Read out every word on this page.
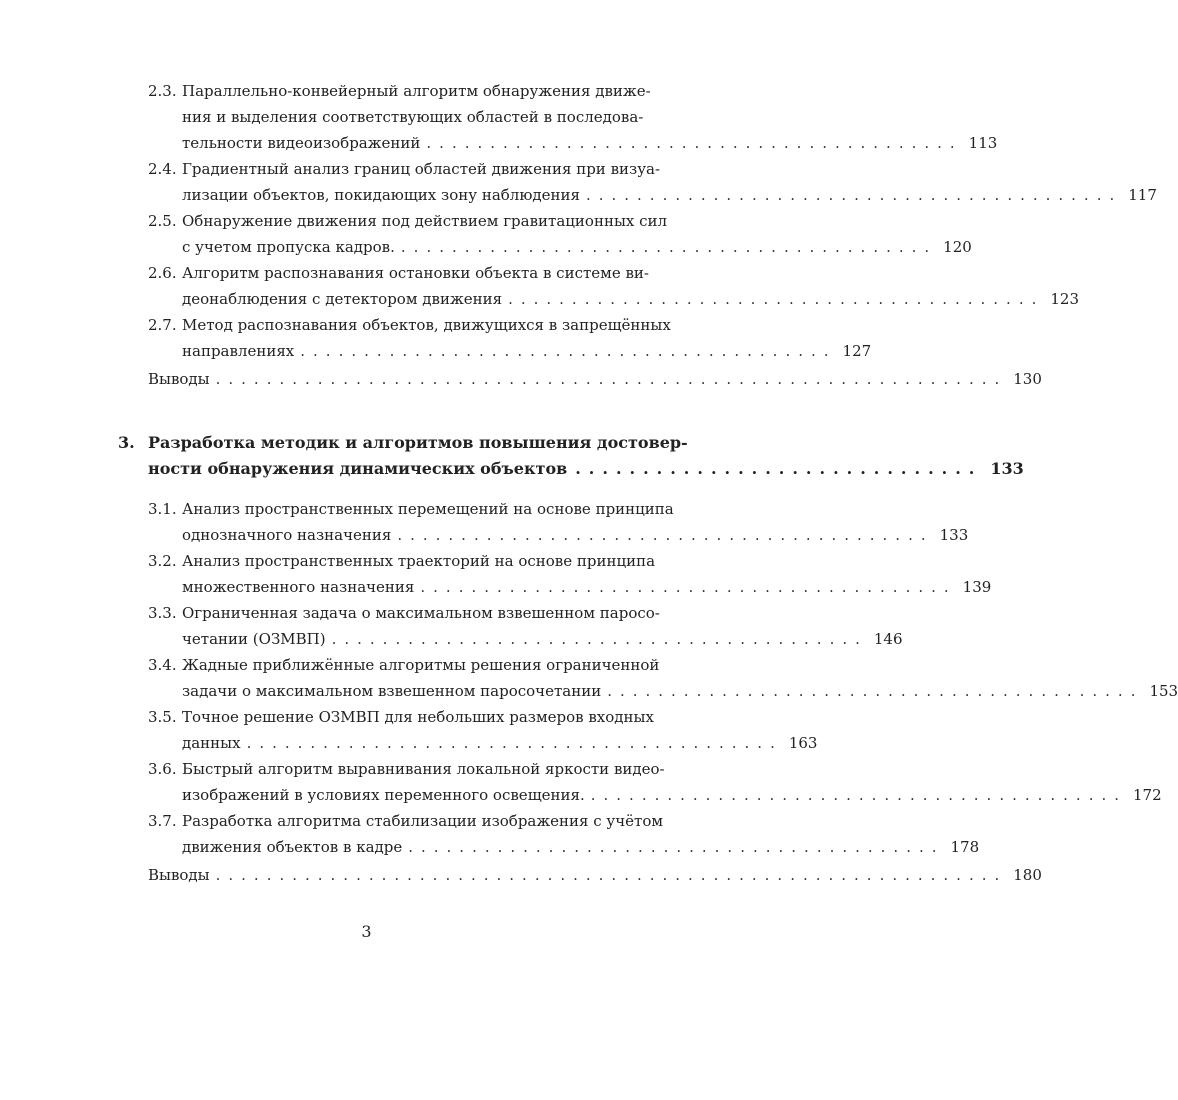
2.3. Параллельно-конвейерный алгоритм обнаружения движе-
ния и выделения соответствующих областей в последова-
тельности видеоизображений .......................................... 113
2.4. Градиентный анализ границ областей движения при визуа-
лизации объектов, покидающих зону наблюдения .......................................... 117
2.5. Обнаружение движения под действием гравитационных сил
с учетом пропуска кадров. .......................................... 120
2.6. Алгоритм распознавания остановки объекта в системе ви-
деонаблюдения с детектором движения .......................................... 123
2.7. Метод распознавания объектов, движущихся в запрещённых
направлениях .......................................... 127
Выводы .............................................................. 130
3. Разработка методик и алгоритмов повышения достовер-
ности обнаружения динамических объектов .............................. 133
3.1. Анализ пространственных перемещений на основе принципа
однозначного назначения .......................................... 133
3.2. Анализ пространственных траекторий на основе принципа
множественного назначения .......................................... 139
3.3. Ограниченная задача о максимальном взвешенном паросо-
четании (ОЗМВП) .......................................... 146
3.4. Жадные приближённые алгоритмы решения ограниченной
задачи о максимальном взвешенном паросочетании .......................................... 153
3.5. Точное решение ОЗМВП для небольших размеров входных
данных .......................................... 163
3.6. Быстрый алгоритм выравнивания локальной яркости видео-
изображений в условиях переменного освещения. .......................................... 172
3.7. Разработка алгоритма стабилизации изображения с учётом
движения объектов в кадре .......................................... 178
Выводы .............................................................. 180
3
